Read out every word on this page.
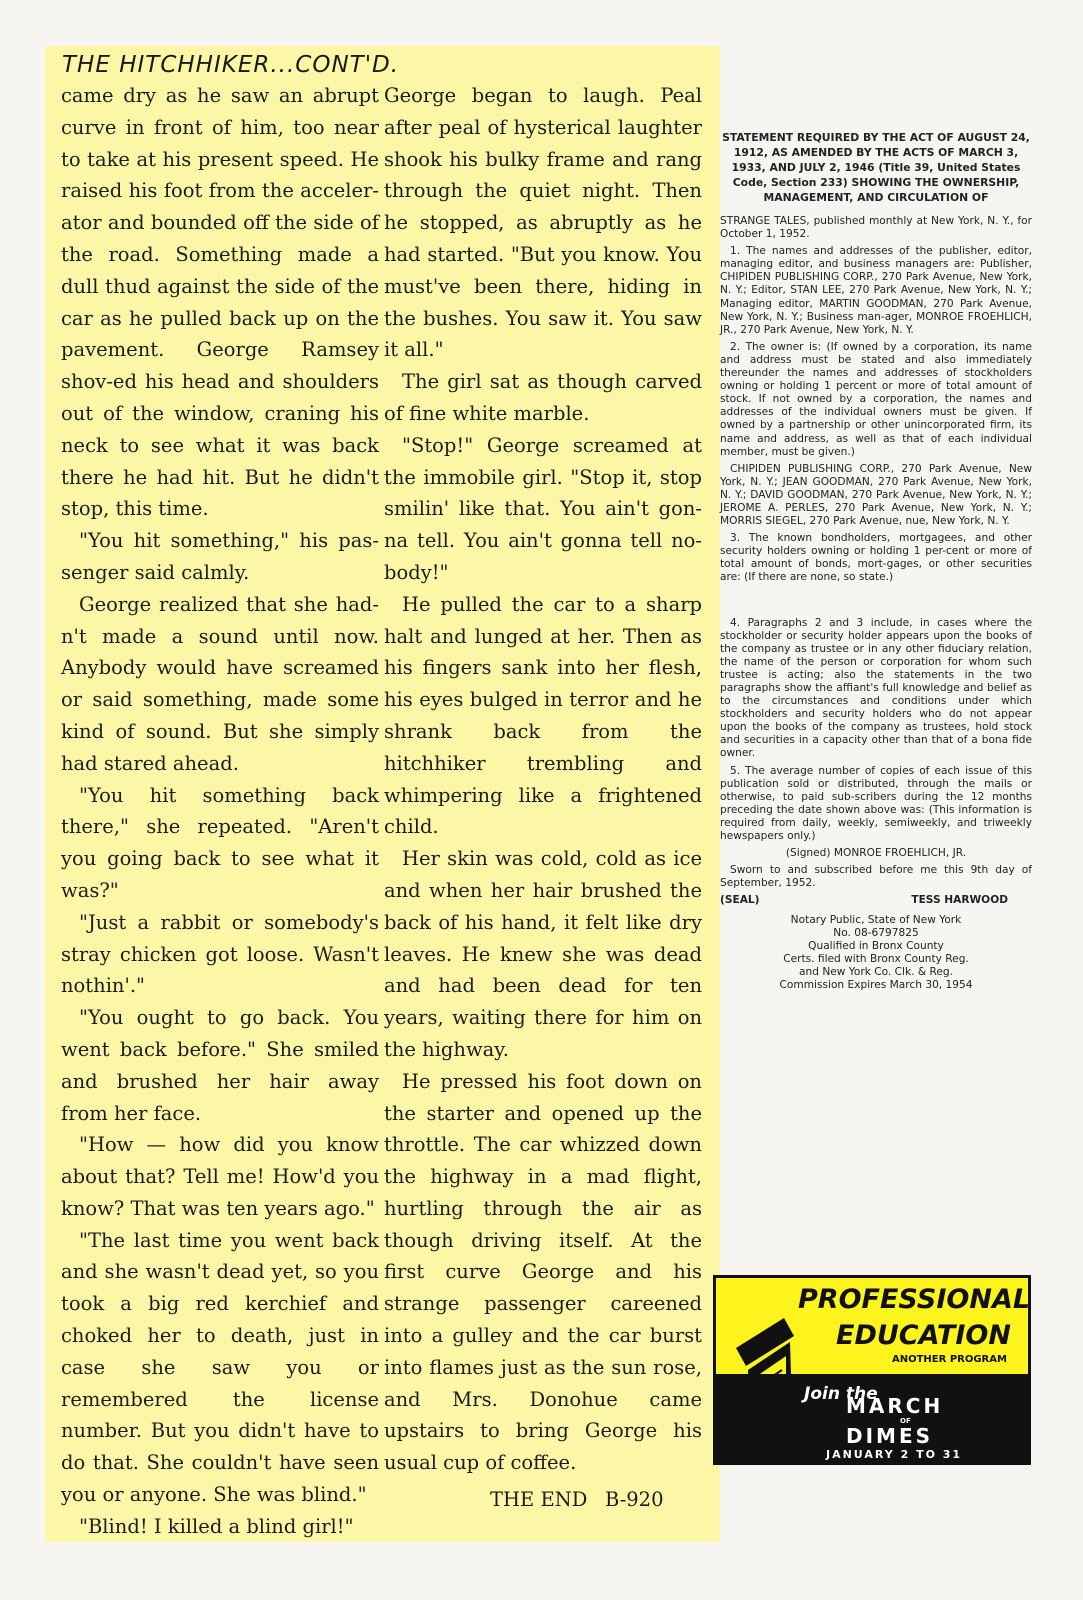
THE HITCHHIKER...CONT'D.

came dry as he saw an abrupt curve in front of him, too near to take at his present speed. He raised his foot from the acceler-ator and bounded off the side of the road. Something made a dull thud against the side of the car as he pulled back up on the pavement. George Ramsey shov-ed his head and shoulders out of the window, craning his neck to see what it was back there he had hit. But he didn't stop, this time.

"You hit something," his pas-senger said calmly.

George realized that she had-n't made a sound until now. Anybody would have screamed or said something, made some kind of sound. But she simply had stared ahead.

"You hit something back there," she repeated. "Aren't you going back to see what it was?"

"Just a rabbit or somebody's stray chicken got loose. Wasn't nothin'."

"You ought to go back. You went back before." She smiled and brushed her hair away from her face.

"How — how did you know about that? Tell me! How'd you know? That was ten years ago."

"The last time you went back and she wasn't dead yet, so you took a big red kerchief and choked her to death, just in case she saw you or remembered the license number. But you didn't have to do that. She couldn't have seen you or anyone. She was blind."

"Blind! I killed a blind girl!"

George began to laugh. Peal after peal of hysterical laughter shook his bulky frame and rang through the quiet night. Then he stopped, as abruptly as he had started. "But you know. You must've been there, hiding in the bushes. You saw it. You saw it all."

The girl sat as though carved of fine white marble.

"Stop!" George screamed at the immobile girl. "Stop it, stop smilin' like that. You ain't gon-na tell. You ain't gonna tell no-body!"

He pulled the car to a sharp halt and lunged at her. Then as his fingers sank into her flesh, his eyes bulged in terror and he shrank back from the hitchhiker trembling and whimpering like a frightened child.

Her skin was cold, cold as ice and when her hair brushed the back of his hand, it felt like dry leaves. He knew she was dead and had been dead for ten years, waiting there for him on the highway.

He pressed his foot down on the starter and opened up the throttle. The car whizzed down the highway in a mad flight, hurtling through the air as though driving itself. At the first curve George and his strange passenger careened into a gulley and the car burst into flames just as the sun rose, and Mrs. Donohue came upstairs to bring George his usual cup of coffee.

THE END B-920

STATEMENT REQUIRED BY THE ACT OF AUGUST 24, 1912, AS AMENDED BY THE ACTS OF MARCH 3, 1933, AND JULY 2, 1946 (Title 39, United States Code, Section 233) SHOWING THE OWNERSHIP, MANAGEMENT, AND CIRCULATION OF

STRANGE TALES, published monthly at New York, N. Y., for October 1, 1952.

1. The names and addresses of the publisher, editor, managing editor, and business managers are: Publisher, CHIPIDEN PUBLISHING CORP., 270 Park Avenue, New York, N. Y.; Editor, STAN LEE, 270 Park Avenue, New York, N. Y.; Managing editor, MARTIN GOODMAN, 270 Park Avenue, New York, N. Y.; Business man-ager, MONROE FROEHLICH, JR., 270 Park Avenue, New York, N. Y.

2. The owner is: (If owned by a corporation, its name and address must be stated and also immediately thereunder the names and addresses of stockholders owning or holding 1 percent or more of total amount of stock. If not owned by a corporation, the names and addresses of the individual owners must be given. If owned by a partnership or other unincorporated firm, its name and address, as well as that of each individual member, must be given.)

CHIPIDEN PUBLISHING CORP., 270 Park Avenue, New York, N. Y.; JEAN GOODMAN, 270 Park Avenue, New York, N. Y.; DAVID GOODMAN, 270 Park Avenue, New York, N. Y.; JEROME A. PERLES, 270 Park Avenue, New York, N. Y.; MORRIS SIEGEL, 270 Park Avenue, nue, New York, N. Y.

3. The known bondholders, mortgagees, and other security holders owning or holding 1 per-cent or more of total amount of bonds, mort-gages, or other securities are: (If there are none, so state.)

4. Paragraphs 2 and 3 include, in cases where the stockholder or security holder appears upon the books of the company as trustee or in any other fiduciary relation, the name of the person or corporation for whom such trustee is acting; also the statements in the two paragraphs show the affiant's full knowledge and belief as to the circumstances and conditions under which stockholders and security holders who do not appear upon the books of the company as trustees, hold stock and securities in a capacity other than that of a bona fide owner.

5. The average number of copies of each issue of this publication sold or distributed, through the mails or otherwise, to paid sub-scribers during the 12 months preceding the date shown above was: (This information is required from daily, weekly, semiweekly, and triweekly hewspapers only.)

(Signed) MONROE FROEHLICH, JR.

Sworn to and subscribed before me this 9th day of September, 1952.

(SEAL)	TESS HARWOOD
Notary Public, State of New York
No. 08-6797825
Qualified in Bronx County
Certs. filed with Bronx County Reg.
and New York Co. Clk. & Reg.
Commission Expires March 30, 1954
PROFESSIONAL
EDUCATION
ANOTHER PROGRAM
Join the
MARCH
OF
DIMES
JANUARY 2 TO 31
